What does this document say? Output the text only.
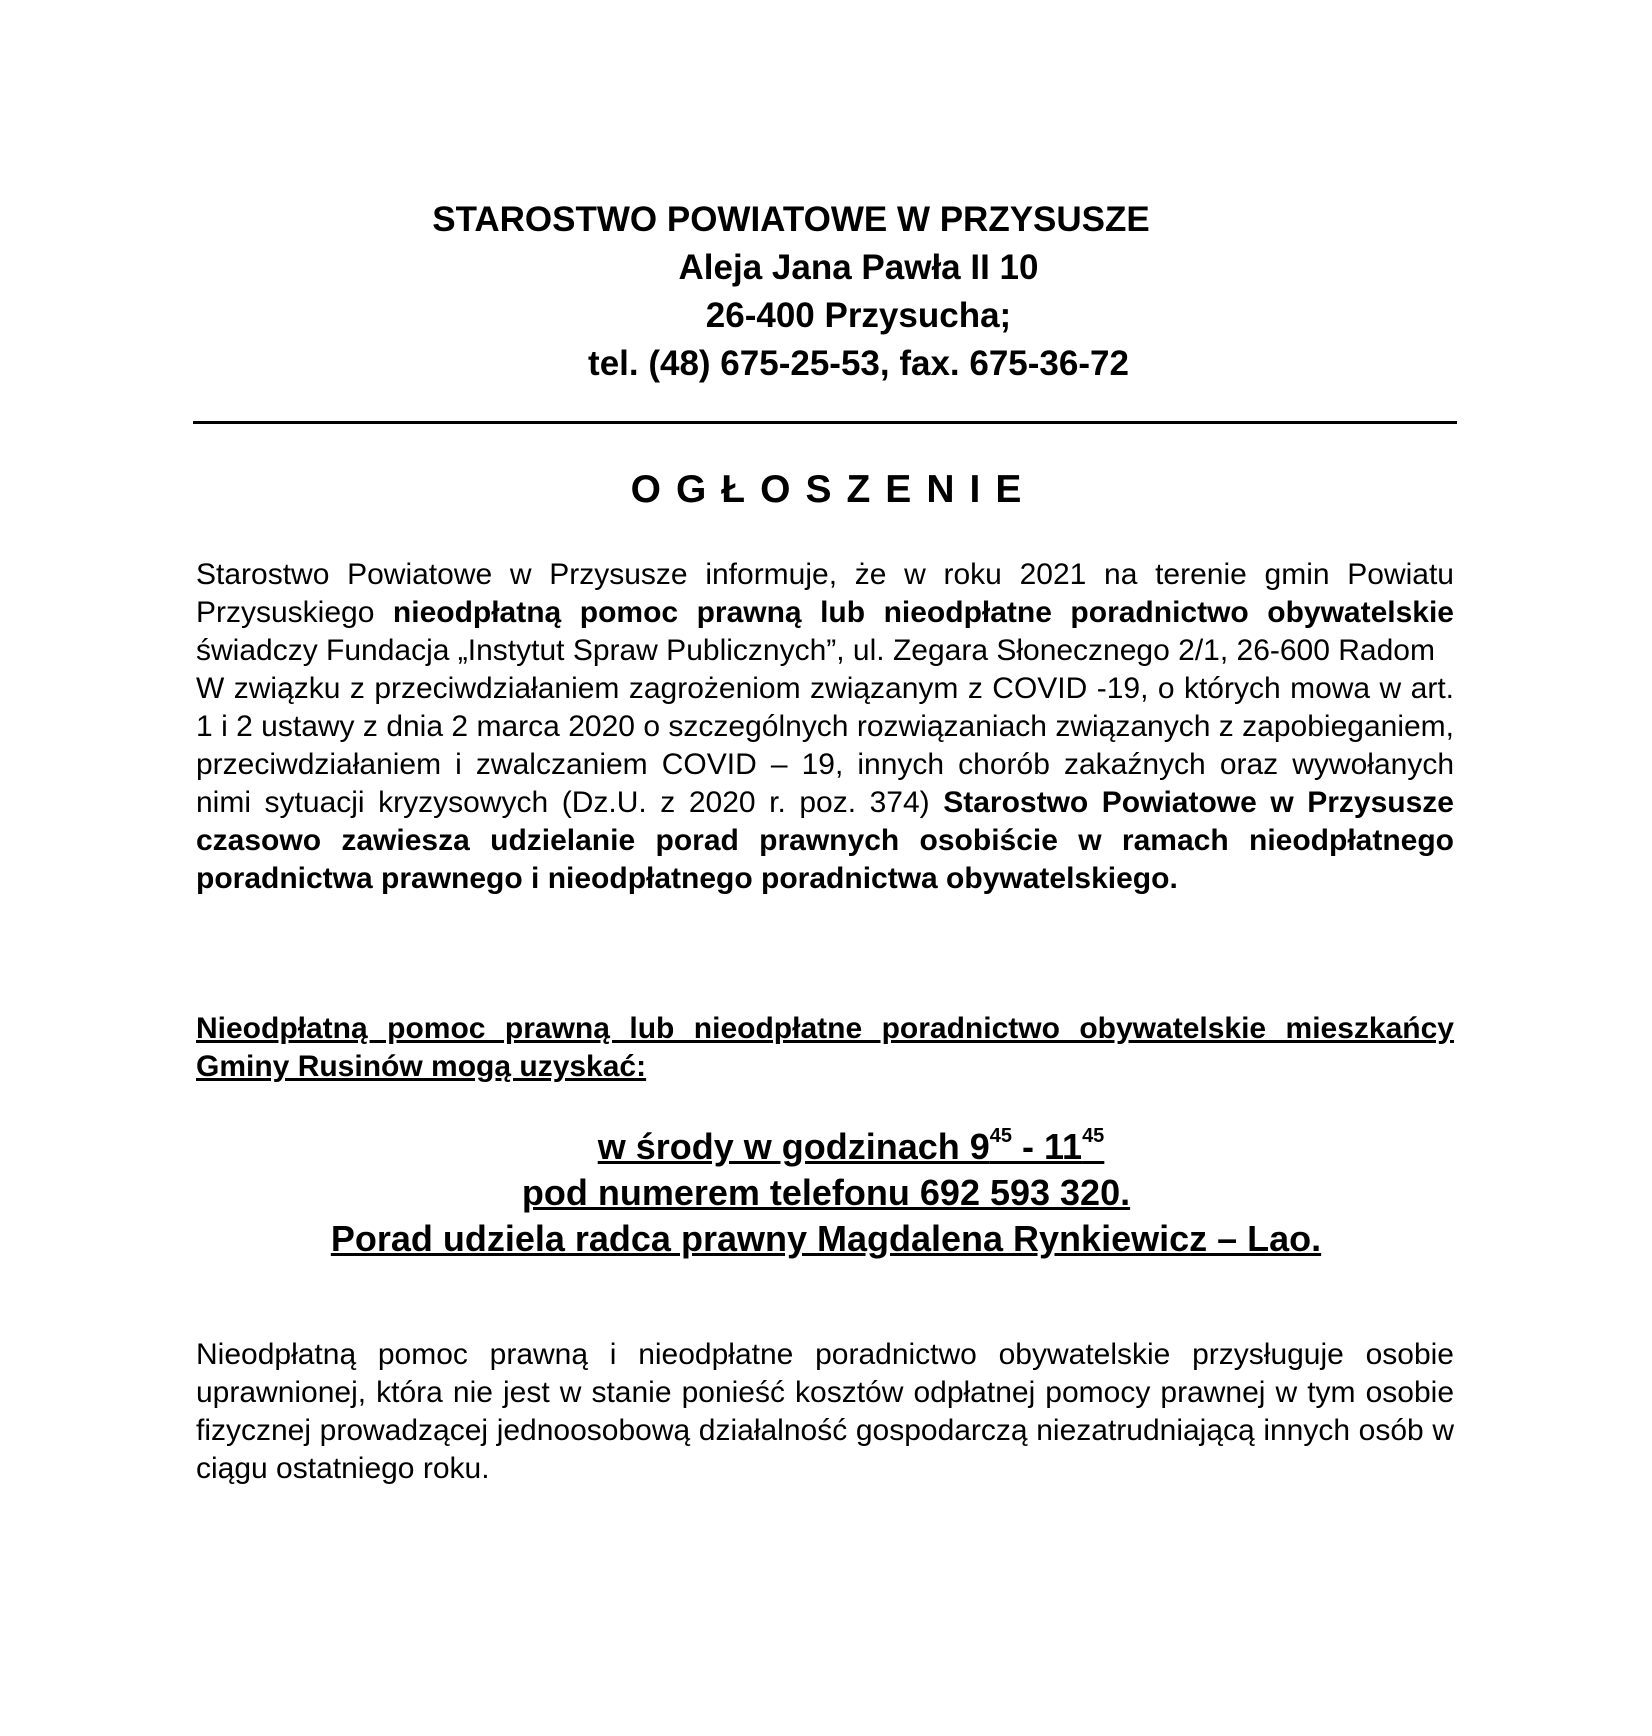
STAROSTWO POWIATOWE W PRZYSUSZE
Aleja Jana Pawła II 10
26-400 Przysucha;
tel. (48) 675-25-53, fax. 675-36-72
OGŁOSZENIE

Starostwo Powiatowe w Przysusze informuje, że w roku 2021 na terenie gmin Powiatu Przysuskiego nieodpłatną pomoc prawną lub nieodpłatne poradnictwo obywatelskie świadczy Fundacja „Instytut Spraw Publicznych”, ul. Zegara Słonecznego 2/1, 26-600 Radom

W związku z przeciwdziałaniem zagrożeniom związanym z COVID -19, o których mowa w art. 1 i 2 ustawy z dnia 2 marca 2020 o szczególnych rozwiązaniach związanych z zapobieganiem, przeciwdziałaniem i zwalczaniem COVID – 19, innych chorób zakaźnych oraz wywołanych nimi sytuacji kryzysowych (Dz.U. z 2020 r. poz. 374) Starostwo Powiatowe w Przysusze czasowo zawiesza udzielanie porad prawnych osobiście w ramach nieodpłatnego poradnictwa prawnego i nieodpłatnego poradnictwa obywatelskiego.

Nieodpłatną pomoc prawną lub nieodpłatne poradnictwo obywatelskie mieszkańcy Gminy Rusinów mogą uzyskać:
w środy w godzinach $9^{45} - 11^{45}$
pod numerem telefonu 692 593 320.
Porad udziela radca prawny Magdalena Rynkiewicz – Lao.
Nieodpłatną pomoc prawną i nieodpłatne poradnictwo obywatelskie przysługuje osobie uprawnionej, która nie jest w stanie ponieść kosztów odpłatnej pomocy prawnej w tym osobie fizycznej prowadzącej jednoosobową działalność gospodarczą niezatrudniającą innych osób w ciągu ostatniego roku.
